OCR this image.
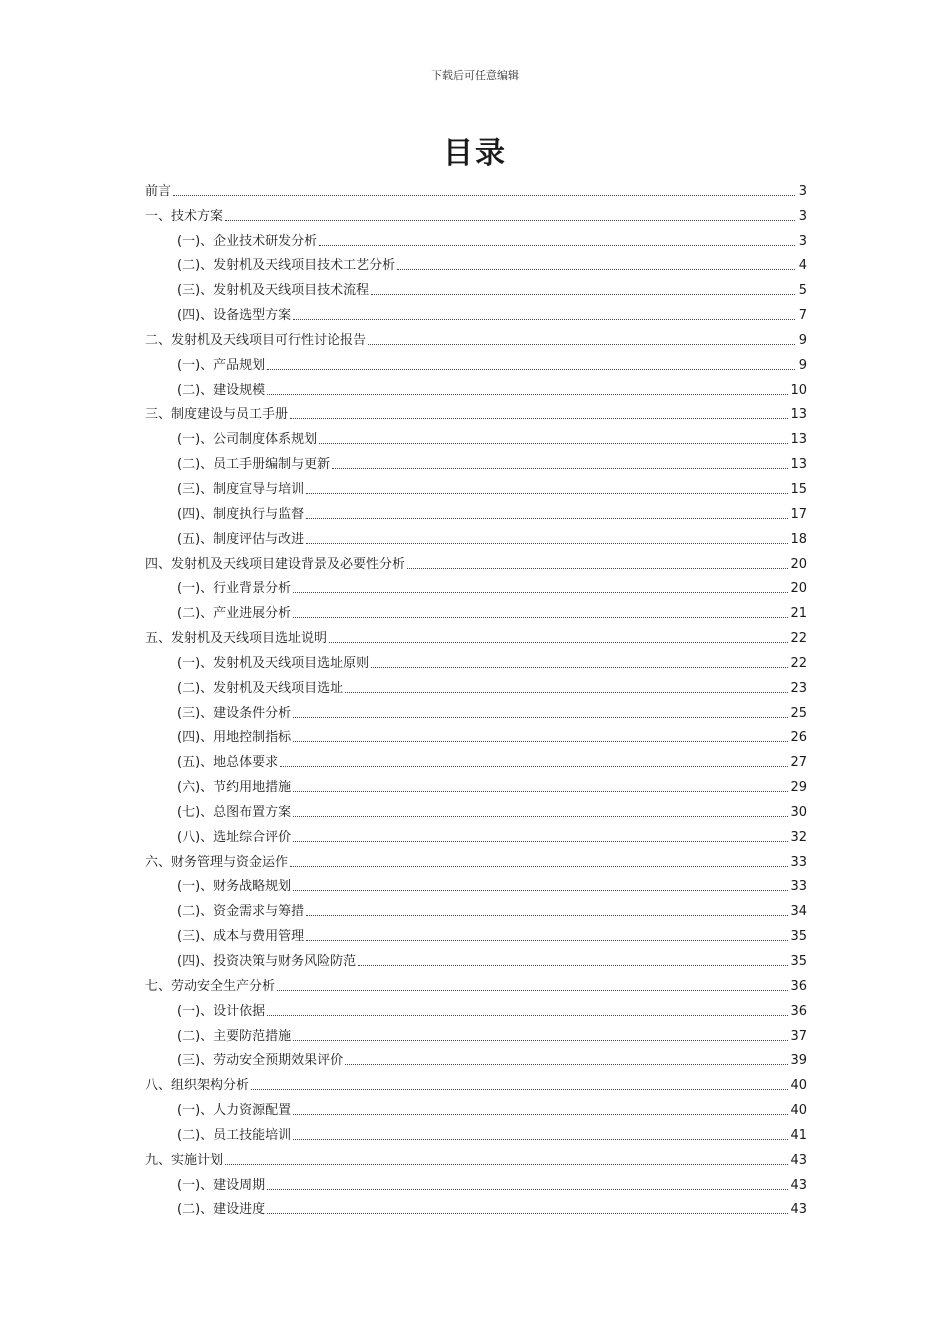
下载后可任意编辑
目录
前言	3
一、技术方案	3
(一)、企业技术研发分析	3
(二)、发射机及天线项目技术工艺分析	4
(三)、发射机及天线项目技术流程	5
(四)、设备选型方案	7
二、发射机及天线项目可行性讨论报告	9
(一)、产品规划	9
(二)、建设规模	10
三、制度建设与员工手册	13
(一)、公司制度体系规划	13
(二)、员工手册编制与更新	13
(三)、制度宣导与培训	15
(四)、制度执行与监督	17
(五)、制度评估与改进	18
四、发射机及天线项目建设背景及必要性分析	20
(一)、行业背景分析	20
(二)、产业进展分析	21
五、发射机及天线项目选址说明	22
(一)、发射机及天线项目选址原则	22
(二)、发射机及天线项目选址	23
(三)、建设条件分析	25
(四)、用地控制指标	26
(五)、地总体要求	27
(六)、节约用地措施	29
(七)、总图布置方案	30
(八)、选址综合评价	32
六、财务管理与资金运作	33
(一)、财务战略规划	33
(二)、资金需求与筹措	34
(三)、成本与费用管理	35
(四)、投资决策与财务风险防范	35
七、劳动安全生产分析	36
(一)、设计依据	36
(二)、主要防范措施	37
(三)、劳动安全预期效果评价	39
八、组织架构分析	40
(一)、人力资源配置	40
(二)、员工技能培训	41
九、实施计划	43
(一)、建设周期	43
(二)、建设进度	43
